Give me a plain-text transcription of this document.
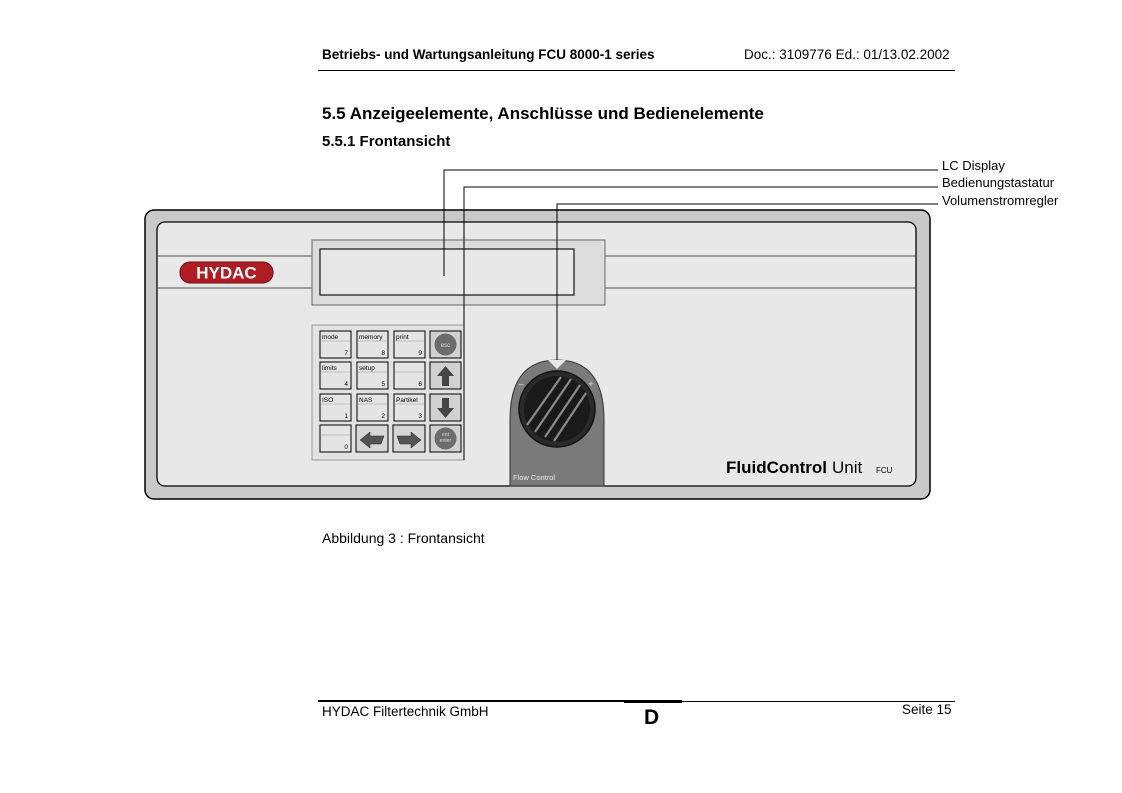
Betriebs- und Wartungsanleitung FCU 8000-1 series	Doc.: 3109776 Ed.: 01/13.02.2002
5.5 Anzeigeelemente, Anschlüsse und Bedienelemente
5.5.1 Frontansicht
LC Display
Bedienungstastatur
Volumenstromregler
HYDAC
mode
7
memory
8
print
9
limits
4
setup
5	6
ISO
1
NAS
2
Partikel
3
0
esc
ent
enter
–	+
Flow Control
FluidControl Unit FCU
Abbildung 3 : Frontansicht
HYDAC Filtertechnik GmbH	D	Seite 15
